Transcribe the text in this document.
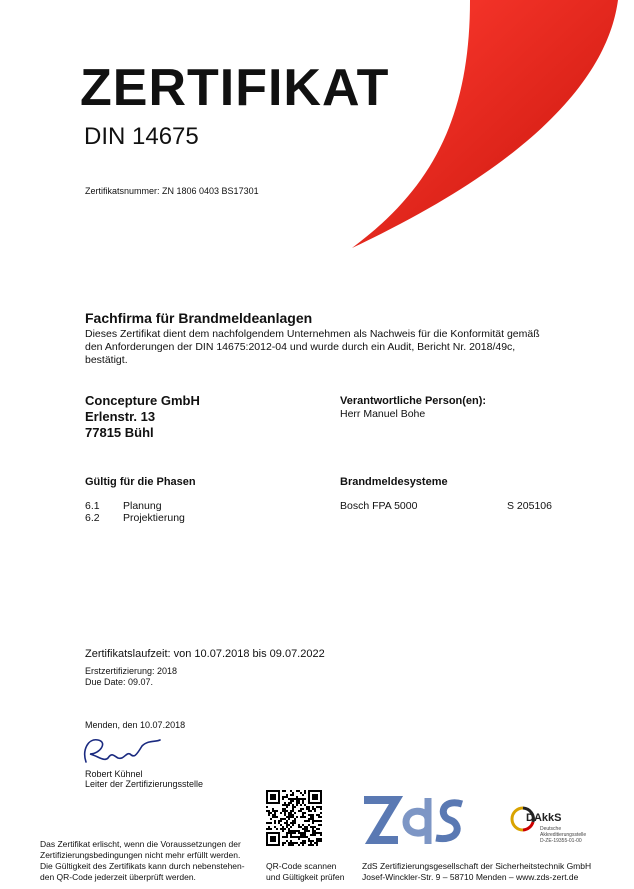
ZERTIFIKAT
DIN 14675
Zertifikatsnummer: ZN 1806 0403 BS17301
Fachfirma für Brandmeldeanlagen
Dieses Zertifikat dient dem nachfolgendem Unternehmen als Nachweis für die Konformität gemäß
den Anforderungen der DIN 14675:2012-04 und wurde durch ein Audit, Bericht Nr. 2018/49c,
bestätigt.
Concepture GmbH
Erlenstr. 13
77815 Bühl
Verantwortliche Person(en):
Herr Manuel Bohe
Gültig für die Phasen
6.1 Planung
6.2 Projektierung
Brandmeldesysteme
Bosch FPA 5000	S 205106
Zertifikatslaufzeit: von 10.07.2018 bis 09.07.2022
Erstzertifizierung: 2018
Due Date: 09.07.
Menden, den 10.07.2018
Robert Kühnel
Leiter der Zertifizierungsstelle
Das Zertifikat erlischt, wenn die Voraussetzungen der
Zertifizierungsbedingungen nicht mehr erfüllt werden.
Die Gültigkeit des Zertifikats kann durch nebenstehen-
den QR-Code jederzeit überprüft werden.
QR-Code scannen
und Gültigkeit prüfen
ZdS Zertifizierungsgesellschaft der Sicherheitstechnik GmbH
Josef-Winckler-Str. 9 – 58710 Menden – www.zds-zert.de
DAkkS
Deutsche
Akkreditierungsstelle
D-ZE-19355-01-00
